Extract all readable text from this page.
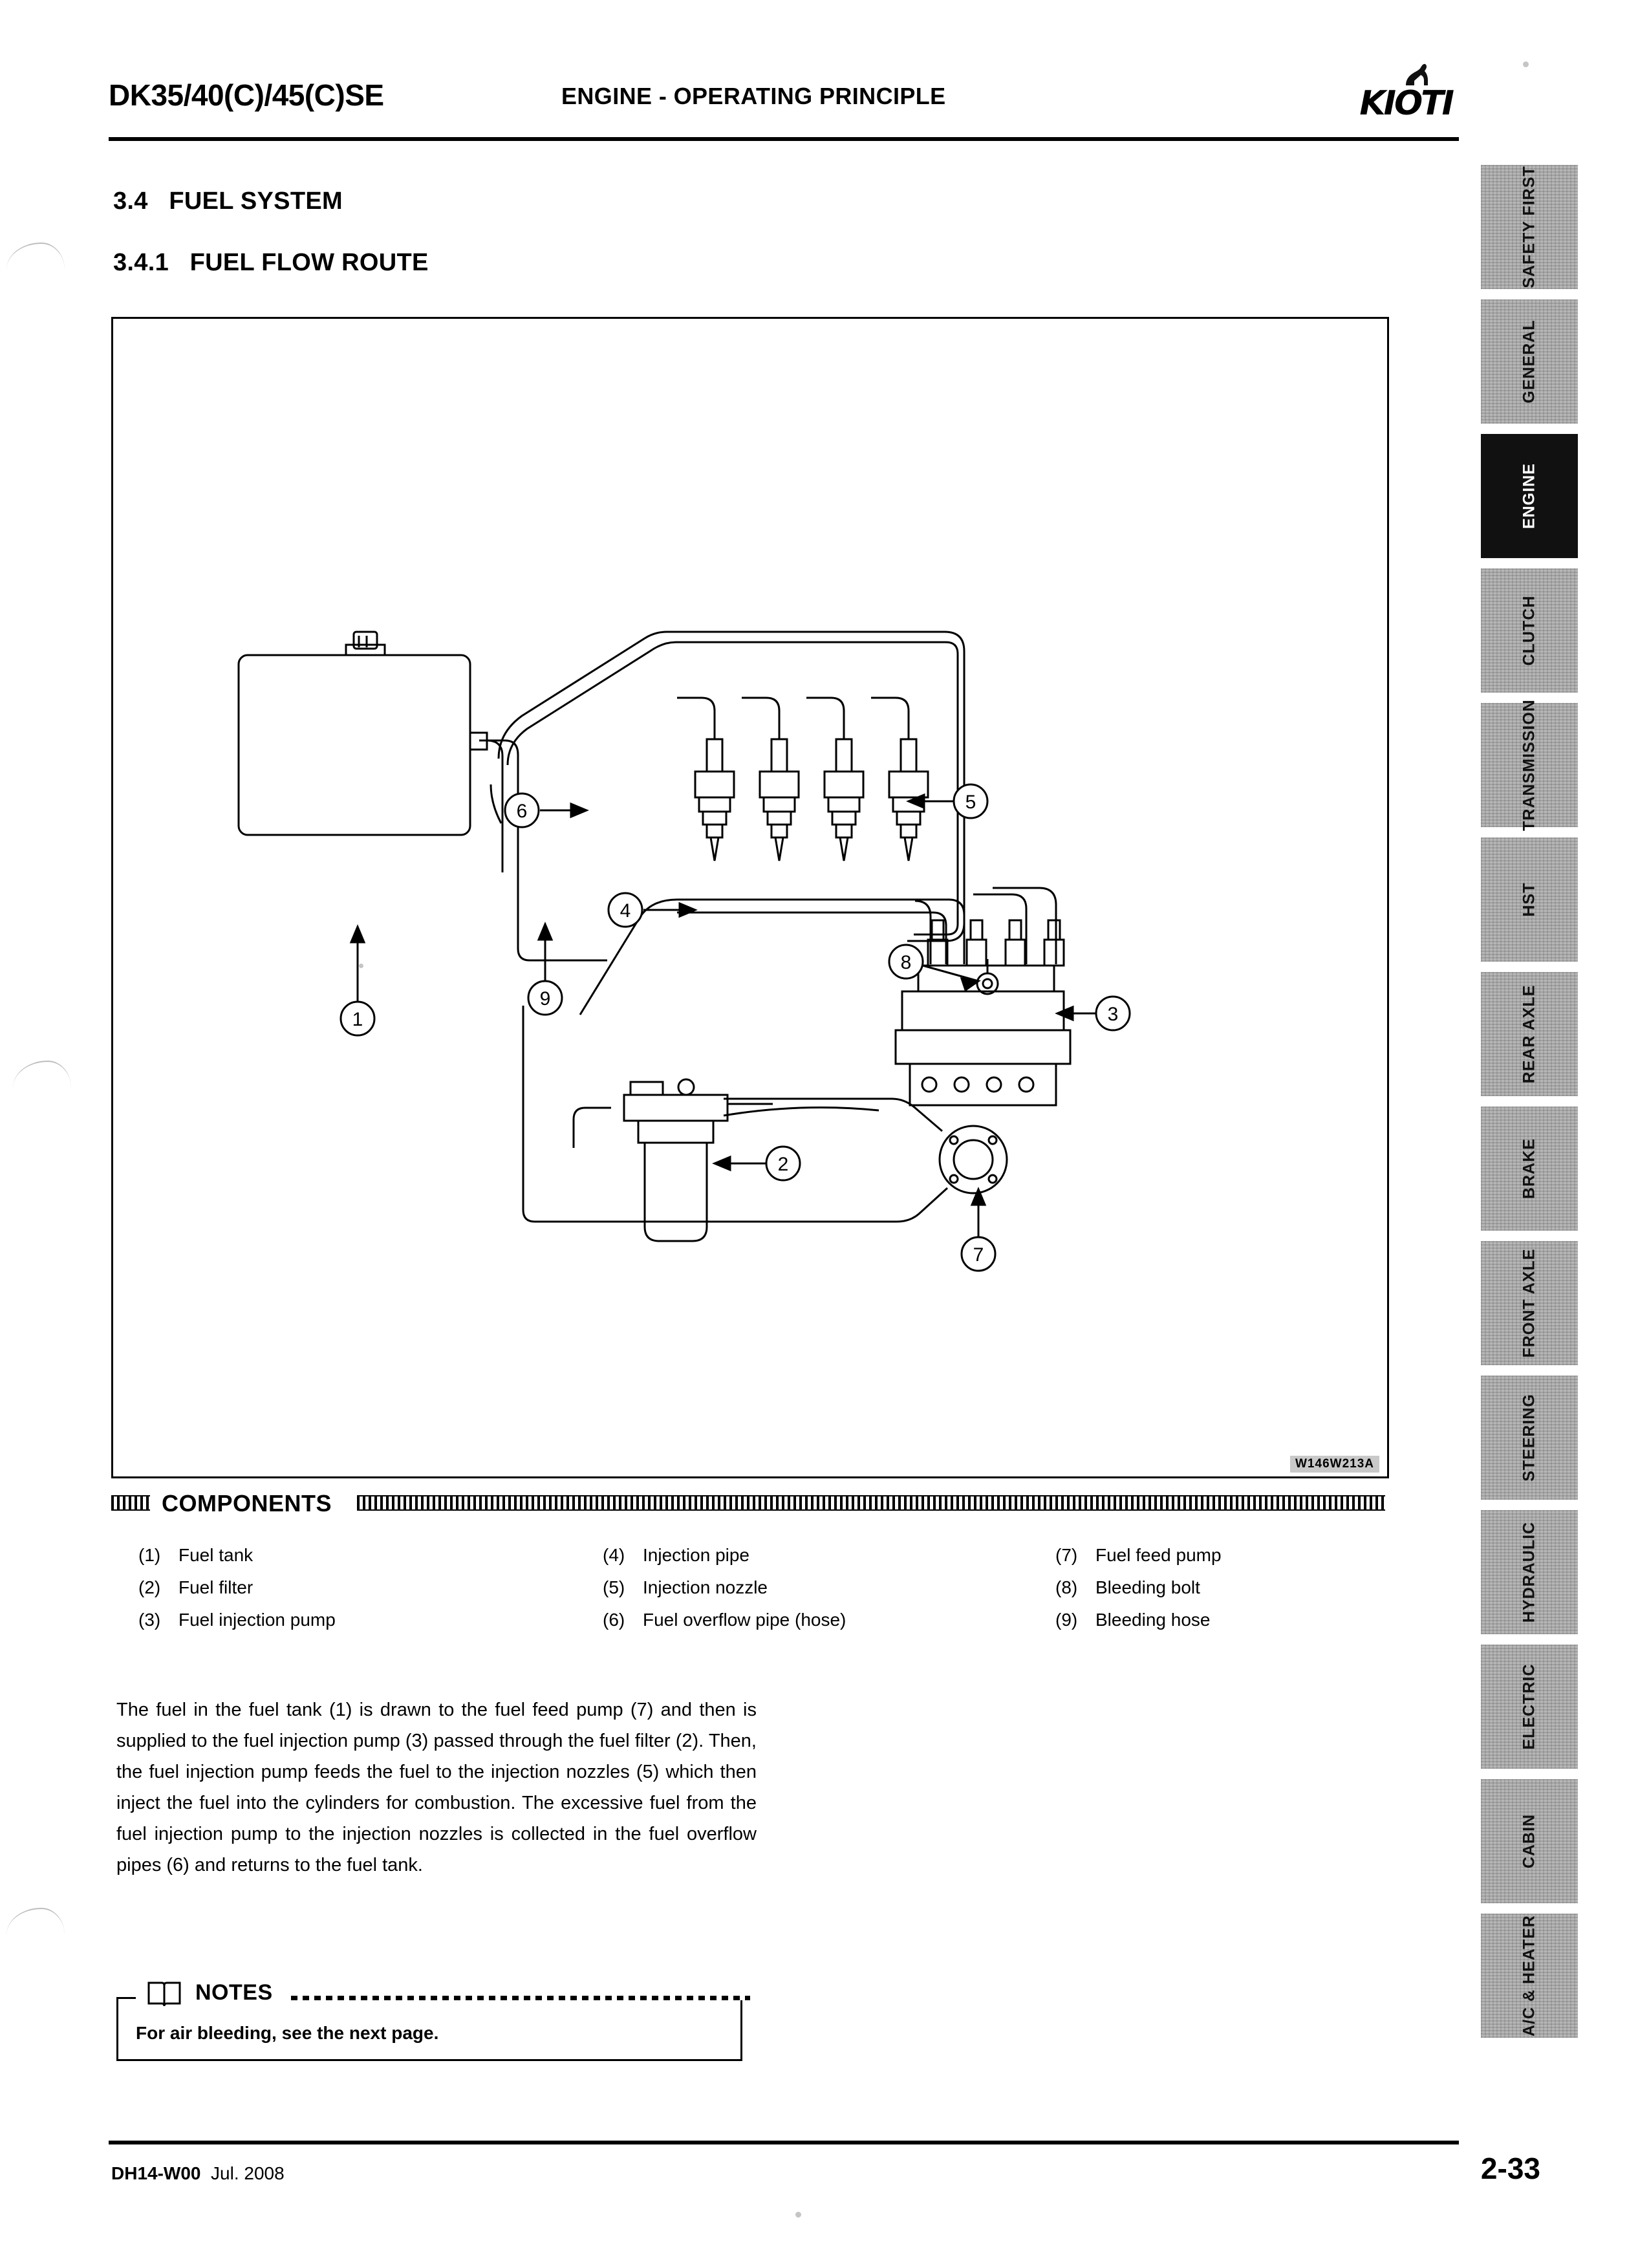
DK35/40(C)/45(C)SE	ENGINE - OPERATING PRINCIPLE	KIOTI
3.4 FUEL SYSTEM
3.4.1 FUEL FLOW ROUTE
1
2
3
4
5
6
7
8
9
W146W213A
COMPONENTS
(1) Fuel tank
(2) Fuel filter
(3) Fuel injection pump
(4) Injection pipe
(5) Injection nozzle
(6) Fuel overflow pipe (hose)
(7) Fuel feed pump
(8) Bleeding bolt
(9) Bleeding hose
The fuel in the fuel tank (1) is drawn to the fuel feed pump (7) and then is supplied to the fuel injection pump (3) passed through the fuel filter (2). Then, the fuel injection pump feeds the fuel to the injection nozzles (5) which then inject the fuel into the cylinders for combustion. The excessive fuel from the fuel injection pump to the injection nozzles is collected in the fuel overflow pipes (6) and returns to the fuel tank.
NOTES
For air bleeding, see the next page.
DH14-W00 Jul. 2008	2-33
SAFETY FIRST
GENERAL
ENGINE
CLUTCH
TRANSMISSION
HST
REAR AXLE
BRAKE
FRONT AXLE
STEERING
HYDRAULIC
ELECTRIC
CABIN
A/C & HEATER
